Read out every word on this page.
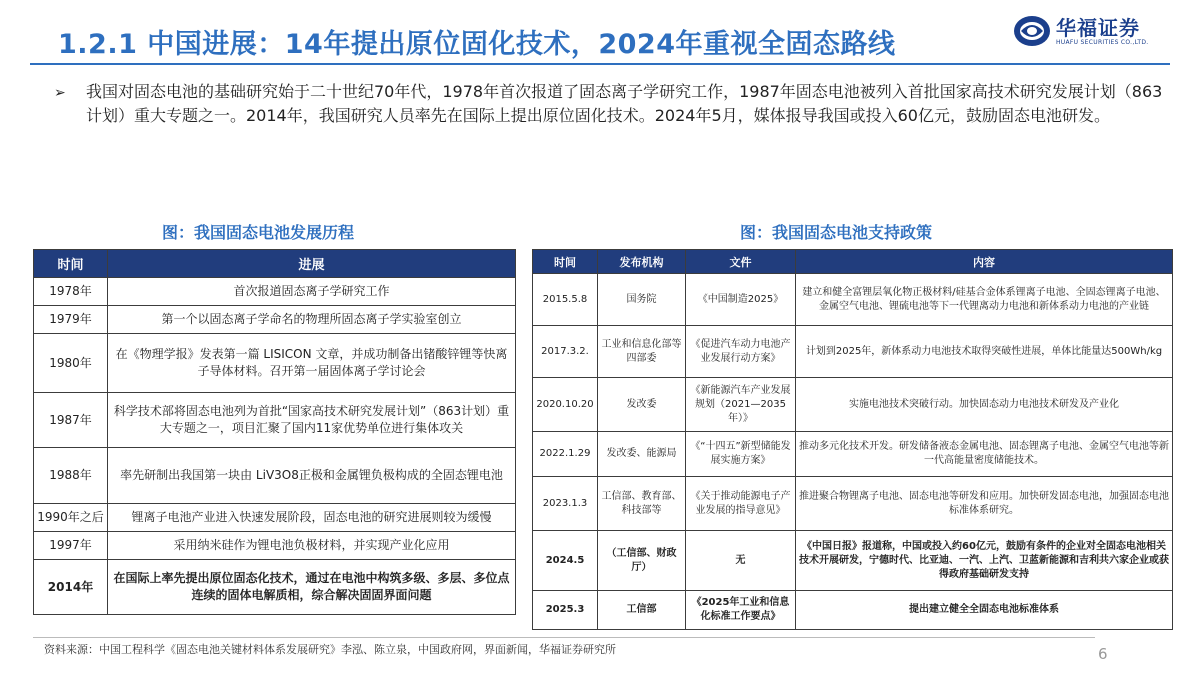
1.2.1 中国进展：14年提出原位固化技术，2024年重视全固态路线
华福证券
HUAFU SECURITIES CO.,LTD.
➢ 我国对固态电池的基础研究始于二十世纪70年代，1978年首次报道了固态离子学研究工作，1987年固态电池被列入首批国家高技术研究发展计划（863计划）重大专题之一。2014年，我国研究人员率先在国际上提出原位固化技术。2024年5月，媒体报导我国或投入60亿元，鼓励固态电池研发。
图：我国固态电池发展历程	图：我国固态电池支持政策
时间	进展
1978年	首次报道固态离子学研究工作
1979年	第一个以固态离子学命名的物理所固态离子学实验室创立
1980年	在《物理学报》发表第一篇 LISICON 文章，并成功制备出锗酸锌锂等快离子导体材料。召开第一届固体离子学讨论会
1987年	科学技术部将固态电池列为首批“国家高技术研究发展计划”（863计划）重大专题之一，项目汇聚了国内11家优势单位进行集体攻关
1988年	率先研制出我国第一块由 LiV3O8正极和金属锂负极构成的全固态锂电池
1990年之后	锂离子电池产业进入快速发展阶段，固态电池的研究进展则较为缓慢
1997年	采用纳米硅作为锂电池负极材料，并实现产业化应用
2014年	在国际上率先提出原位固态化技术，通过在电池中构筑多级、多层、多位点连续的固体电解质相，综合解决固固界面问题
时间	发布机构	文件	内容
2015.5.8	国务院	《中国制造2025》	建立和健全富锂层氧化物正极材料/硅基合金体系锂离子电池、全固态锂离子电池、金属空气电池、锂硫电池等下一代锂离动力电池和新体系动力电池的产业链
2017.3.2.	工业和信息化部等四部委	《促进汽车动力电池产业发展行动方案》	计划到2025年，新体系动力电池技术取得突破性进展，单体比能量达500Wh/kg
2020.10.20	发改委	《新能源汽车产业发展规划（2021—2035年）》	实施电池技术突破行动。加快固态动力电池技术研发及产业化
2022.1.29	发改委、能源局	《“十四五”新型储能发展实施方案》	推动多元化技术开发。研发储备液态金属电池、固态锂离子电池、金属空气电池等新一代高能量密度储能技术。
2023.1.3	工信部、教育部、科技部等	《关于推动能源电子产业发展的指导意见》	推进聚合物锂离子电池、固态电池等研发和应用。加快研发固态电池，加强固态电池标准体系研究。
2024.5	（工信部、财政厅）	无	《中国日报》报道称，中国或投入约60亿元，鼓励有条件的企业对全固态电池相关技术开展研发，宁德时代、比亚迪、一汽、上汽、卫蓝新能源和吉利共六家企业或获得政府基础研发支持
2025.3	工信部	《2025年工业和信息化标准工作要点》	提出建立健全全固态电池标准体系
资料来源：中国工程科学《固态电池关键材料体系发展研究》李泓、陈立泉，中国政府网，界面新闻，华福证券研究所	6
